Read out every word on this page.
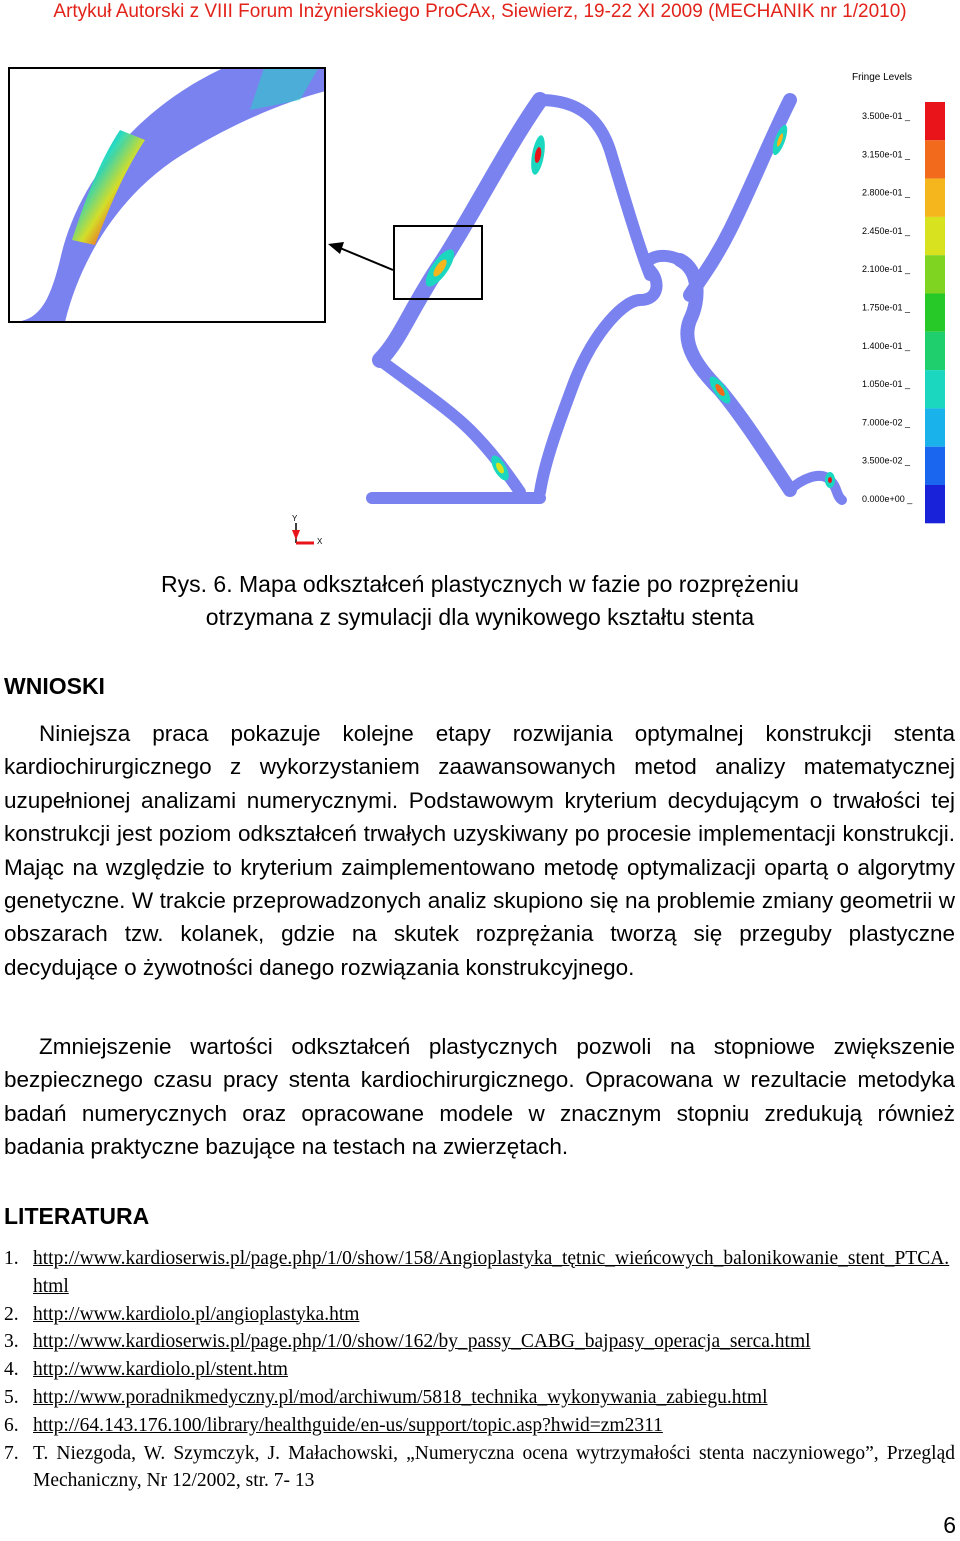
Artykuł Autorski z VIII Forum Inżynierskiego ProCAx, Siewierz, 19-22 XI 2009 (MECHANIK nr 1/2010)
Fringe Levels
3.500e-01 _
3.150e-01 _
2.800e-01 _
2.450e-01 _
2.100e-01 _
1.750e-01 _
1.400e-01 _
1.050e-01 _
7.000e-02 _
3.500e-02 _
0.000e+00 _
Y
X
Rys. 6. Mapa odkształceń plastycznych w fazie po rozprężeniu
otrzymana z symulacji dla wynikowego kształtu stenta
WNIOSKI

Niniejsza praca pokazuje kolejne etapy rozwijania optymalnej konstrukcji stenta kardiochirurgicznego z wykorzystaniem zaawansowanych metod analizy matematycznej uzupełnionej analizami numerycznymi. Podstawowym kryterium decydującym o trwałości tej konstrukcji jest poziom odkształceń trwałych uzyskiwany po procesie implementacji konstrukcji. Mając na względzie to kryterium zaimplementowano metodę optymalizacji opartą o algorytmy genetyczne. W trakcie przeprowadzonych analiz skupiono się na problemie zmiany geometrii w obszarach tzw. kolanek, gdzie na skutek rozprężania tworzą się przeguby plastyczne decydujące o żywotności danego rozwiązania konstrukcyjnego.

Zmniejszenie wartości odkształceń plastycznych pozwoli na stopniowe zwiększenie bezpiecznego czasu pracy stenta kardiochirurgicznego. Opracowana w rezultacie metodyka badań numerycznych oraz opracowane modele w znacznym stopniu zredukują również badania praktyczne bazujące na testach na zwierzętach.

LITERATURA
1. http://www.kardioserwis.pl/page.php/1/0/show/158/Angioplastyka_tętnic_wieńcowych_balonikowanie_stent_PTCA.html
2. http://www.kardiolo.pl/angioplastyka.htm
3. http://www.kardioserwis.pl/page.php/1/0/show/162/by_passy_CABG_bajpasy_operacja_serca.html
4. http://www.kardiolo.pl/stent.htm
5. http://www.poradnikmedyczny.pl/mod/archiwum/5818_technika_wykonywania_zabiegu.html
6. http://64.143.176.100/library/healthguide/en-us/support/topic.asp?hwid=zm2311
7. T. Niezgoda, W. Szymczyk, J. Małachowski, „Numeryczna ocena wytrzymałości stenta naczyniowego”, Przegląd Mechaniczny, Nr 12/2002, str. 7- 13
6
